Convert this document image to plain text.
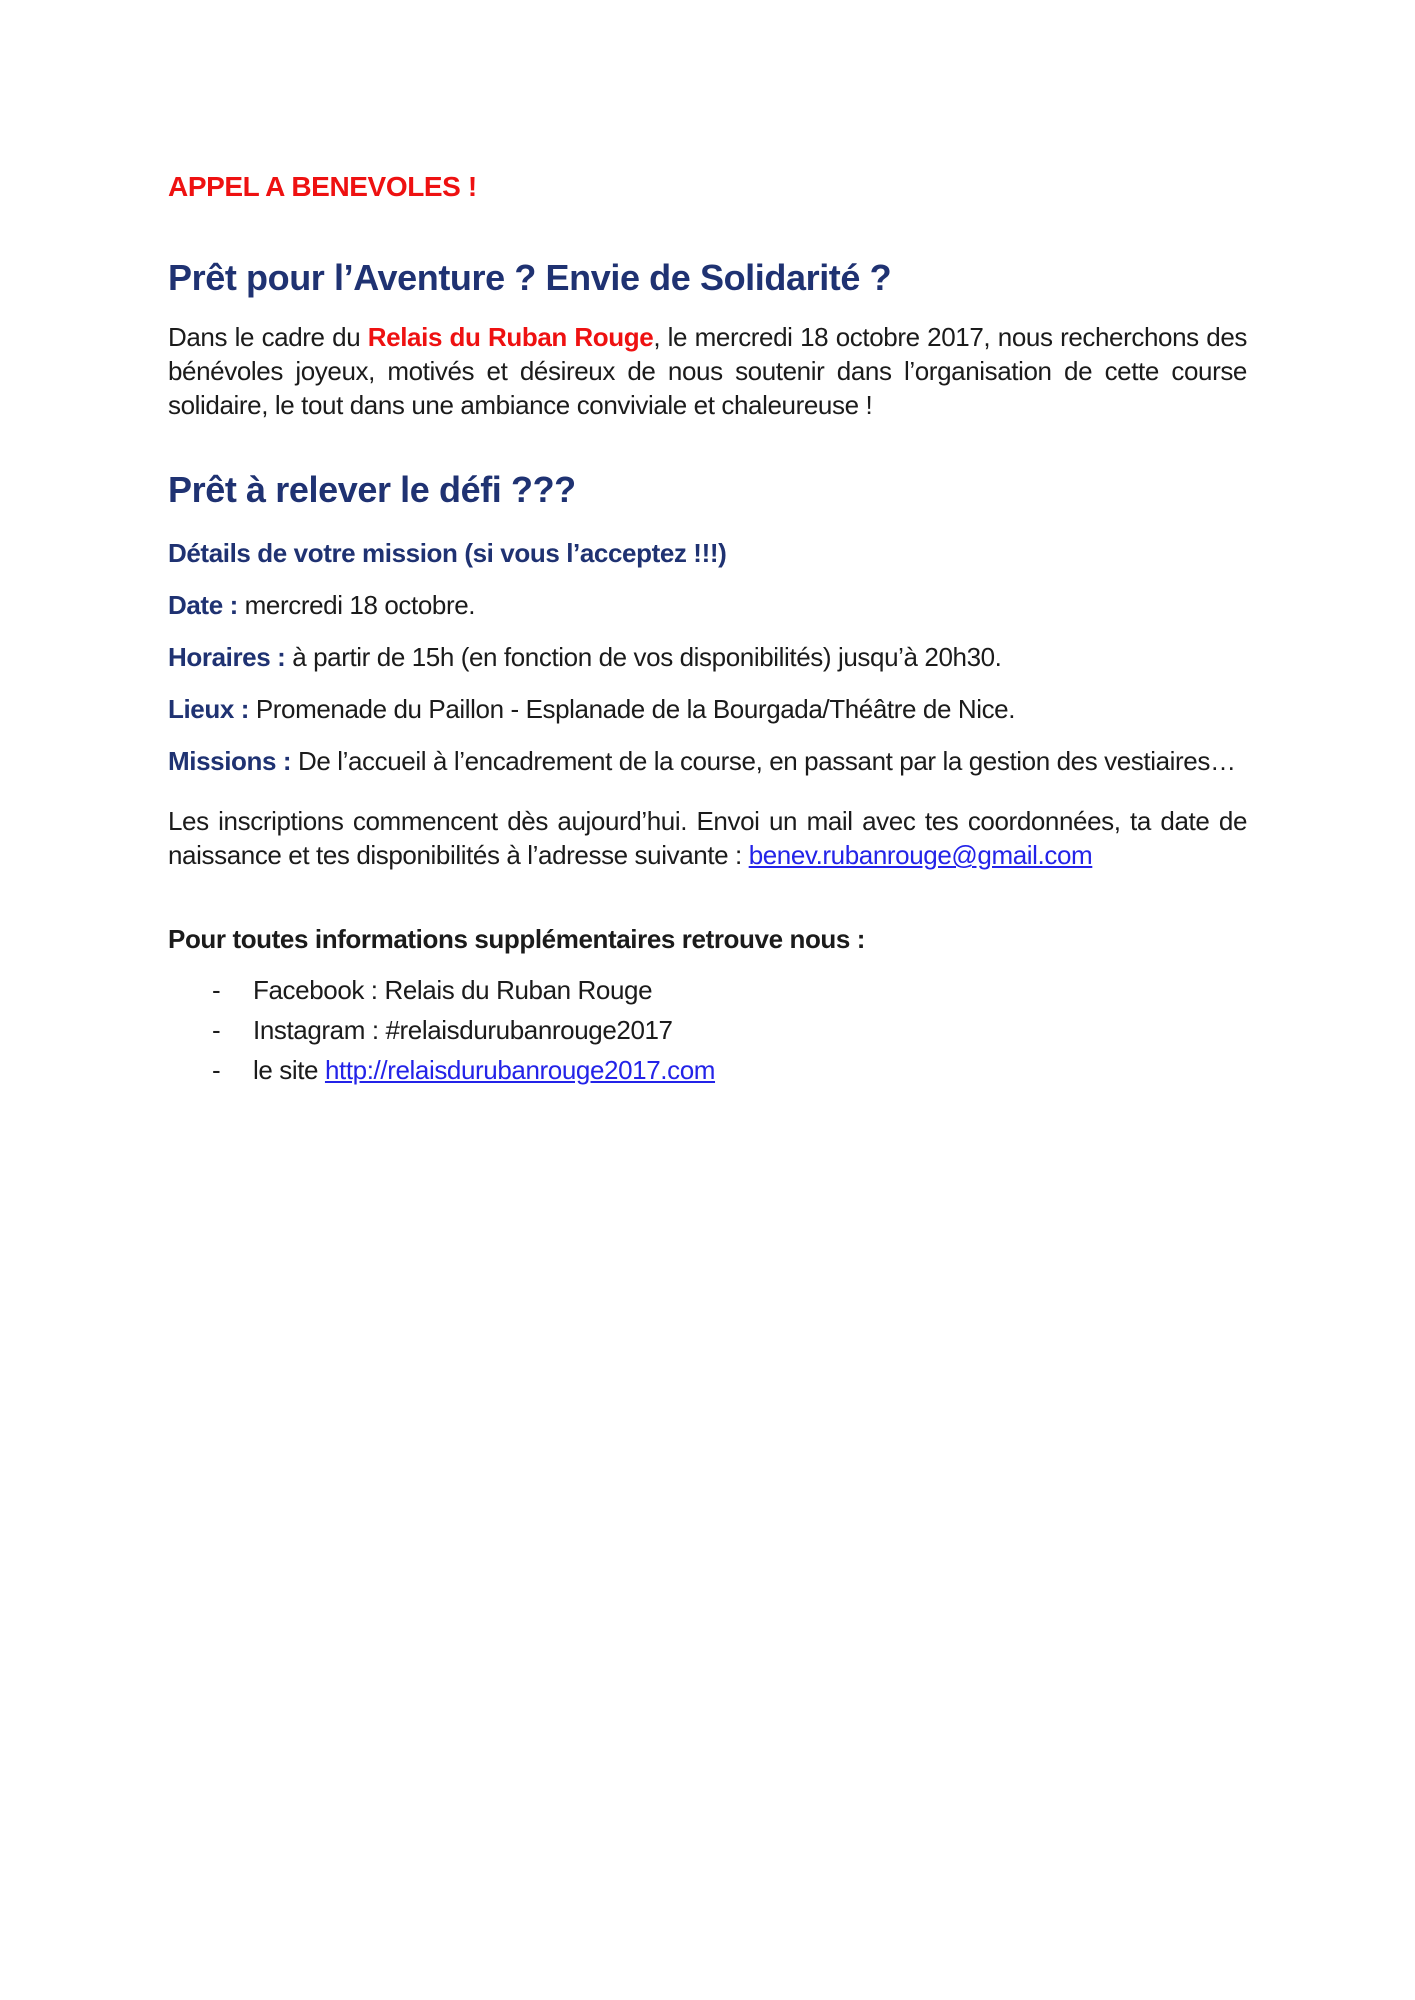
APPEL A BENEVOLES !

Prêt pour l’Aventure ? Envie de Solidarité ?

Dans le cadre du Relais du Ruban Rouge, le mercredi 18 octobre 2017, nous recherchons des bénévoles joyeux, motivés et désireux de nous soutenir dans l’organisation de cette course solidaire, le tout dans une ambiance conviviale et chaleureuse !

Prêt à relever le défi ???

Détails de votre mission (si vous l’acceptez !!!)

Date : mercredi 18 octobre.

Horaires : à partir de 15h (en fonction de vos disponibilités) jusqu’à 20h30.

Lieux : Promenade du Paillon - Esplanade de la Bourgada/Théâtre de Nice.

Missions : De l’accueil à l’encadrement de la course, en passant par la gestion des vestiaires…

Les inscriptions commencent dès aujourd’hui. Envoi un mail avec tes coordonnées, ta date de naissance et tes disponibilités à l’adresse suivante : benev.rubanrouge@gmail.com

Pour toutes informations supplémentaires retrouve nous :

- Facebook : Relais du Ruban Rouge

- Instagram : #relaisdurubanrouge2017

- le site http://relaisdurubanrouge2017.com
